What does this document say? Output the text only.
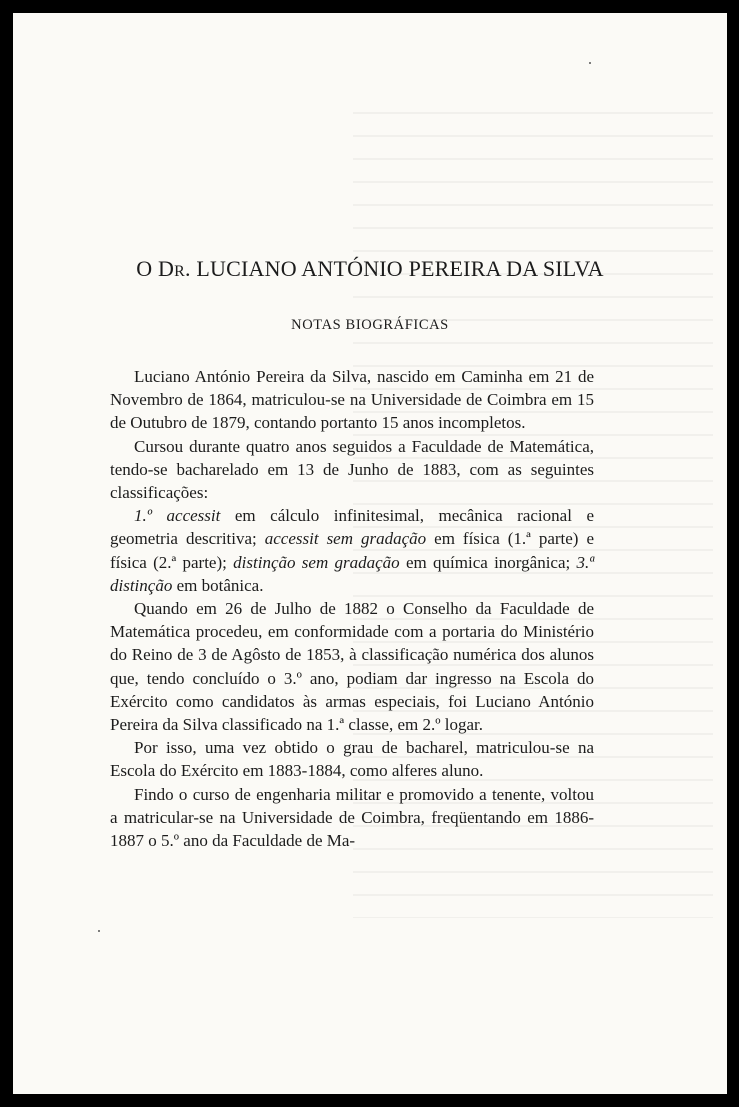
O DR. LUCIANO ANTÓNIO PEREIRA DA SILVA
NOTAS BIOGRÁFICAS

Luciano António Pereira da Silva, nascido em Caminha em 21 de Novembro de 1864, matriculou-se na Universidade de Coimbra em 15 de Outubro de 1879, contando portanto 15 anos incompletos.

Cursou durante quatro anos seguidos a Faculdade de Matemática, tendo-se bacharelado em 13 de Junho de 1883, com as seguintes classificações:

1.º accessit em cálculo infinitesimal, mecânica racional e geometria descritiva; accessit sem gradação em física (1.ª parte) e física (2.ª parte); distinção sem gradação em química inorgânica; 3.ª distinção em botânica.

Quando em 26 de Julho de 1882 o Conselho da Faculdade de Matemática procedeu, em conformidade com a portaria do Ministério do Reino de 3 de Agôsto de 1853, à classificação numérica dos alunos que, tendo concluído o 3.º ano, podiam dar ingresso na Escola do Exército como candidatos às armas especiais, foi Luciano António Pereira da Silva classificado na 1.ª classe, em 2.º logar.

Por isso, uma vez obtido o grau de bacharel, matriculou-se na Escola do Exército em 1883-1884, como alferes aluno.

Findo o curso de engenharia militar e promovido a tenente, voltou a matricular-se na Universidade de Coimbra, freqüentando em 1886-1887 o 5.º ano da Faculdade de Ma-
